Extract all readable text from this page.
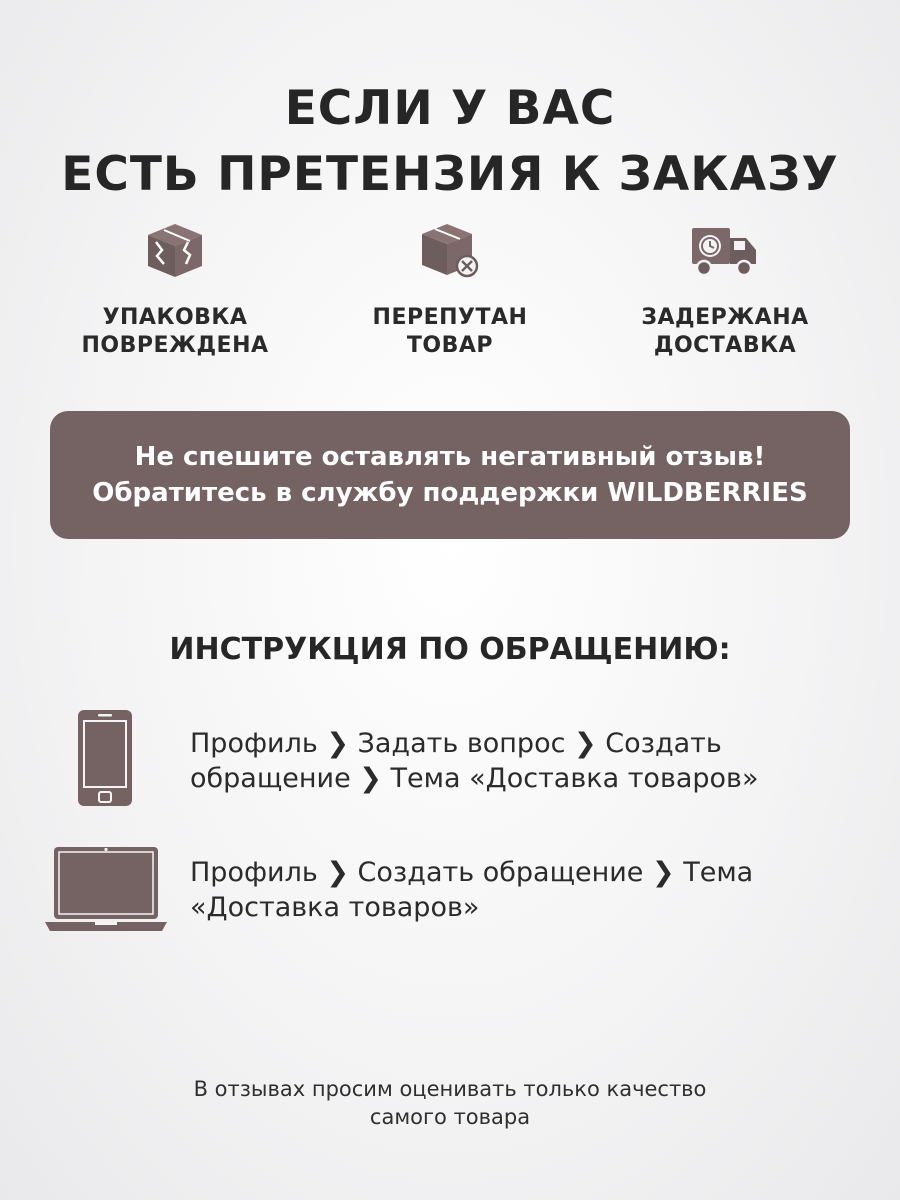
ЕСЛИ У ВАС
ЕСТЬ ПРЕТЕНЗИЯ К ЗАКАЗУ
УПАКОВКА
ПОВРЕЖДЕНА
ПЕРЕПУТАН
ТОВАР
ЗАДЕРЖАНА
ДОСТАВКА
Не спешите оставлять негативный отзыв!
Обратитесь в службу поддержки WILDBERRIES
ИНСТРУКЦИЯ ПО ОБРАЩЕНИЮ:
Профиль ❯ Задать вопрос ❯ Создать
обращение ❯ Тема «Доставка товаров»
Профиль ❯ Создать обращение ❯ Тема
«Доставка товаров»
В отзывах просим оценивать только качество
самого товара
